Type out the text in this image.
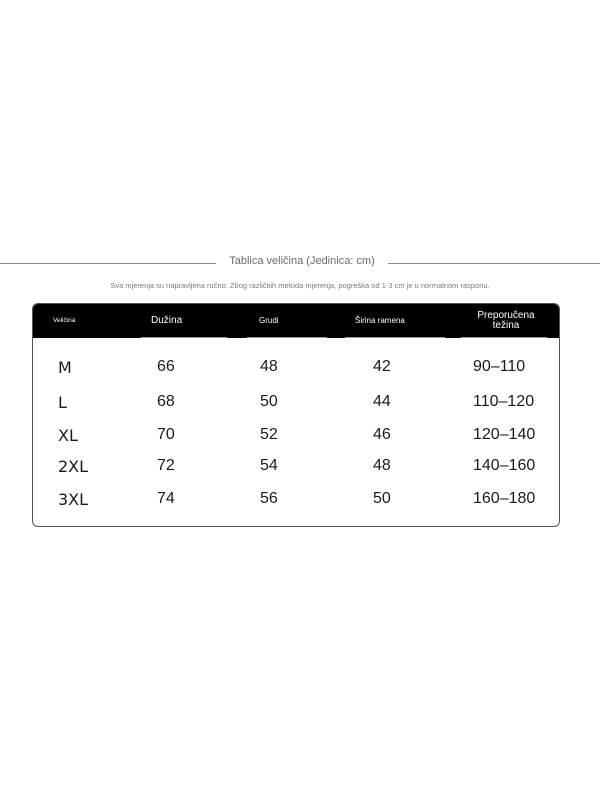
Tablica veličina (Jedinica: cm)
Sva mjerenja su napravljena ručno. Zbog različitih metoda mjerenja, pogreška od 1-3 cm je u normalnom rasponu.
Veličina	Dužina	Grudi	Širina ramena	Preporučena težina
M	66	48	42	90–110
L	68	50	44	110–120
XL	70	52	46	120–140
2XL	72	54	48	140–160
3XL	74	56	50	160–180
